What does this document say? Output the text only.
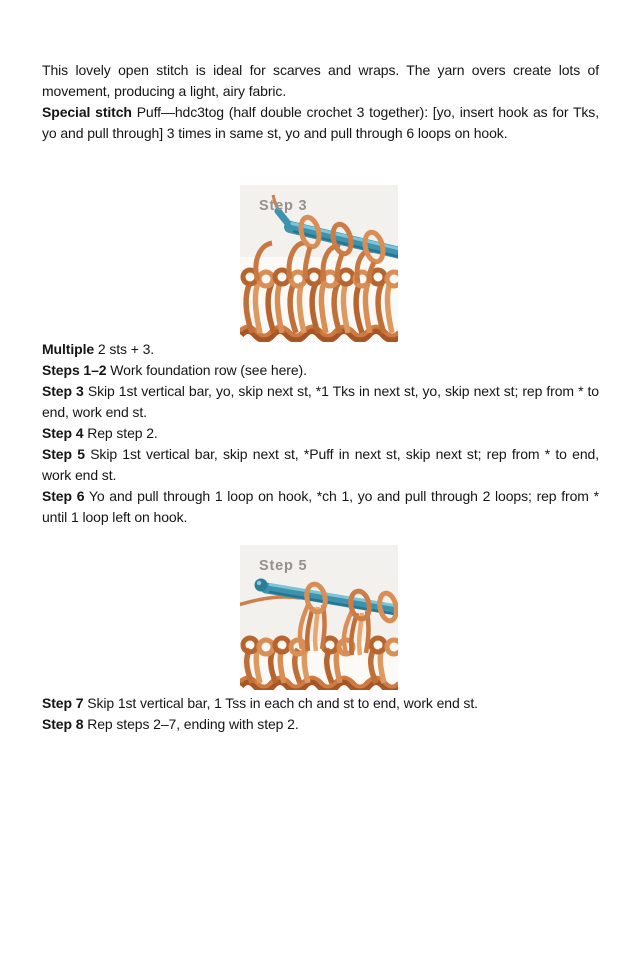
This lovely open stitch is ideal for scarves and wraps. The yarn overs create lots of movement, producing a light, airy fabric.

Special stitch Puff—hdc3tog (half double crochet 3 together): [yo, insert hook as for Tks, yo and pull through] 3 times in same st, yo and pull through 6 loops on hook.

Step 3

Multiple 2 sts + 3.

Steps 1–2 Work foundation row (see here).

Step 3 Skip 1st vertical bar, yo, skip next st, *1 Tks in next st, yo, skip next st; rep from * to end, work end st.

Step 4 Rep step 2.

Step 5 Skip 1st vertical bar, skip next st, *Puff in next st, skip next st; rep from * to end, work end st.

Step 6 Yo and pull through 1 loop on hook, *ch 1, yo and pull through 2 loops; rep from * until 1 loop left on hook.

Step 5

Step 7 Skip 1st vertical bar, 1 Tss in each ch and st to end, work end st.

Step 8 Rep steps 2–7, ending with step 2.
